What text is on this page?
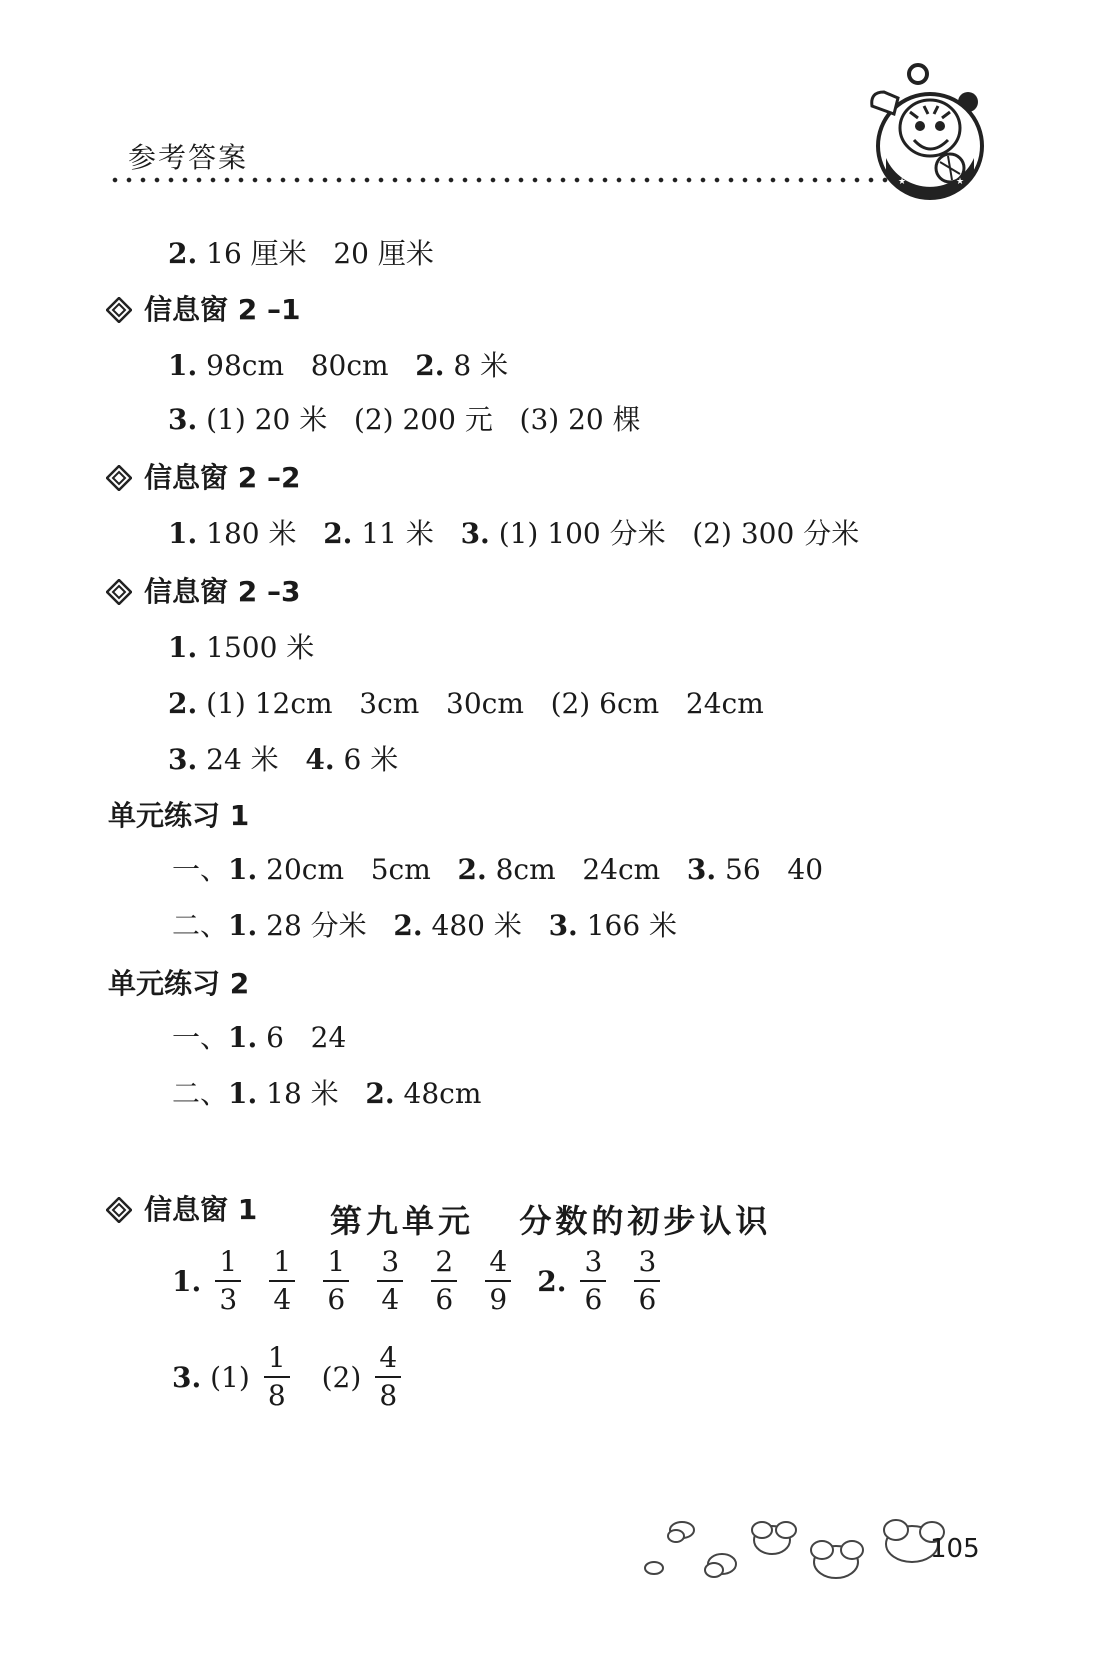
参考答案
★	★
2. 16 厘米   20 厘米
信息窗 2 –1
1. 98cm   80cm   2. 8 米
3. (1) 20 米   (2) 200 元   (3) 20 棵
信息窗 2 –2
1. 180 米   2. 11 米   3. (1) 100 分米   (2) 300 分米
信息窗 2 –3
1. 1500 米
2. (1) 12cm   3cm   30cm   (2) 6cm   24cm
3. 24 米   4. 6 米
单元练习 1
一、1. 20cm   5cm   2. 8cm   24cm   3. 56   40
二、1. 28 分米   2. 480 米   3. 166 米
单元练习 2
一、1. 6   24
二、1. 18 米   2. 48cm
第九单元   分数的初步认识
信息窗 1
1. $\frac{1}{3} \frac{1}{4} \frac{1}{6} \frac{3}{4} \frac{2}{6} \frac{4}{9} 2$. $\frac{3}{6} \frac{3}{6}$
3. $(1) \frac{1}{8} (2) \frac{4}{8}$
105
